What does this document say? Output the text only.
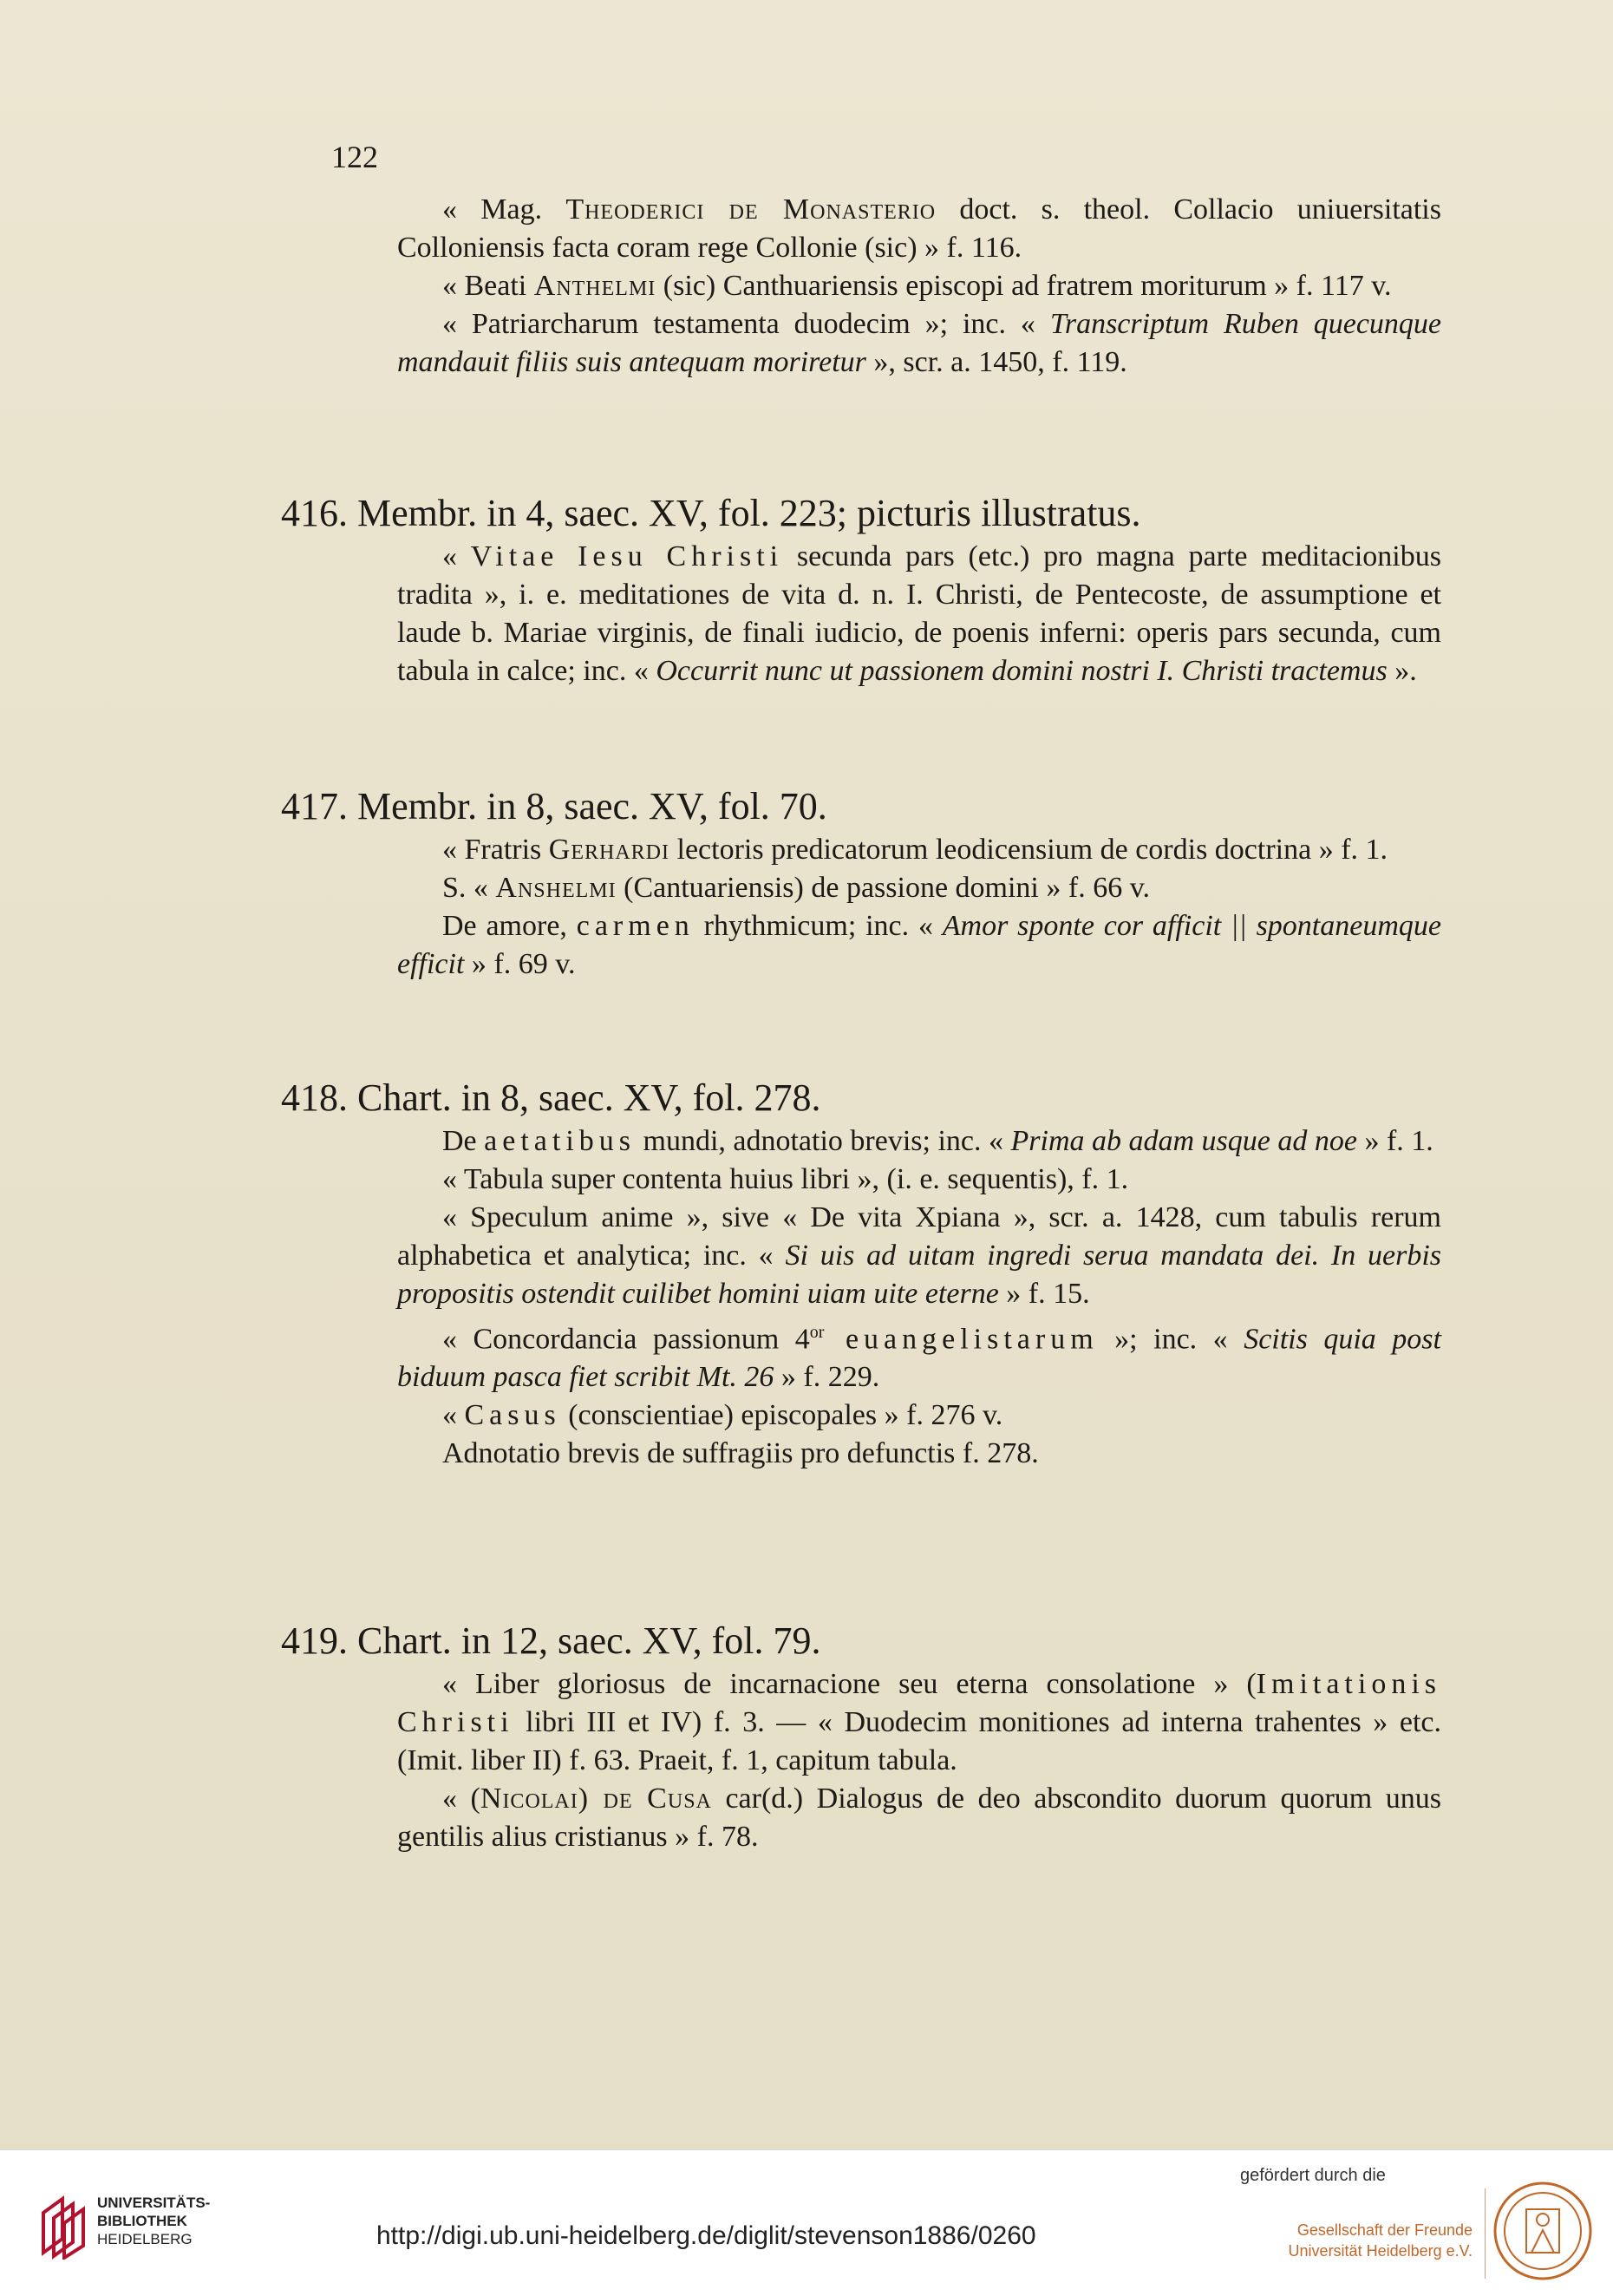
122

« Mag. Theoderici de Monasterio doct. s. theol. Collacio uniuersitatis Colloniensis facta coram rege Collonie (sic) » f. 116.

« Beati Anthelmi (sic) Canthuariensis episcopi ad fratrem moriturum » f. 117 v.

« Patriarcharum testamenta duodecim »; inc. « Transcriptum Ruben quecunque mandauit filiis suis antequam moriretur », scr. a. 1450, f. 119.

416. Membr. in 4, saec. XV, fol. 223; picturis illustratus.

« Vitae Iesu Christi secunda pars (etc.) pro magna parte meditacionibus tradita », i. e. meditationes de vita d. n. I. Christi, de Pentecoste, de assumptione et laude b. Mariae virginis, de finali iudicio, de poenis inferni: operis pars secunda, cum tabula in calce; inc. « Occurrit nunc ut passionem domini nostri I. Christi tractemus ».

417. Membr. in 8, saec. XV, fol. 70.

« Fratris Gerhardi lectoris predicatorum leodicensium de cordis doctrina » f. 1.

S. « Anshelmi (Cantuariensis) de passione domini » f. 66 v.

De amore, carmen rhythmicum; inc. « Amor sponte cor afficit || spontaneumque efficit » f. 69 v.

418. Chart. in 8, saec. XV, fol. 278.

De aetatibus mundi, adnotatio brevis; inc. « Prima ab adam usque ad noe » f. 1.

« Tabula super contenta huius libri », (i. e. sequentis), f. 1.

« Speculum anime », sive « De vita Xpiana », scr. a. 1428, cum tabulis rerum alphabetica et analytica; inc. « Si uis ad uitam ingredi serua mandata dei. In uerbis propositis ostendit cuilibet homini uiam uite eterne » f. 15.

« Concordancia passionum $4^{or}$ euangelistarum »; inc. « Scitis quia post biduum pasca fiet scribit Mt. 26 » f. 229.

« Casus (conscientiae) episcopales » f. 276 v.

Adnotatio brevis de suffragiis pro defunctis f. 278.

419. Chart. in 12, saec. XV, fol. 79.

« Liber gloriosus de incarnacione seu eterna consolatione » (Imitationis Christi libri III et IV) f. 3. — « Duodecim monitiones ad interna trahentes » etc. (Imit. liber II) f. 63. Praeit, f. 1, capitum tabula.

« (Nicolai) de Cusa car(d.) Dialogus de deo abscondito duorum quorum unus gentilis alius cristianus » f. 78.

UNIVERSITÄTS-
BIBLIOTHEK
HEIDELBERG	http://digi.ub.uni-heidelberg.de/diglit/stevenson1886/0260
gefördert durch die
Gesellschaft der Freunde
Universität Heidelberg e.V.
